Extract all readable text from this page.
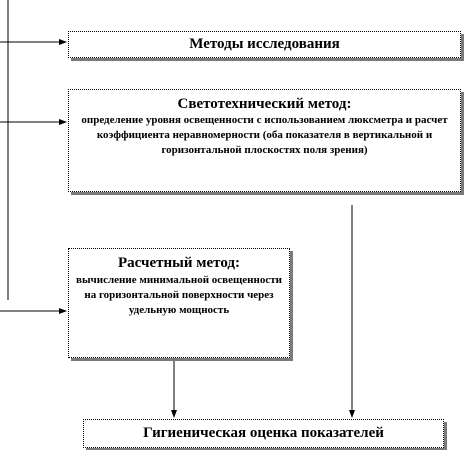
Методы исследования
Светотехнический метод:
определение уровня освещенности с использованием люксметра и расчет коэффициента неравномерности (оба показателя в вертикальной и горизонтальной плоскостях поля зрения)
Расчетный метод:
вычисление минимальной освещенности на горизонтальной поверхности через удельную мощность
Гигиеническая оценка показателей
